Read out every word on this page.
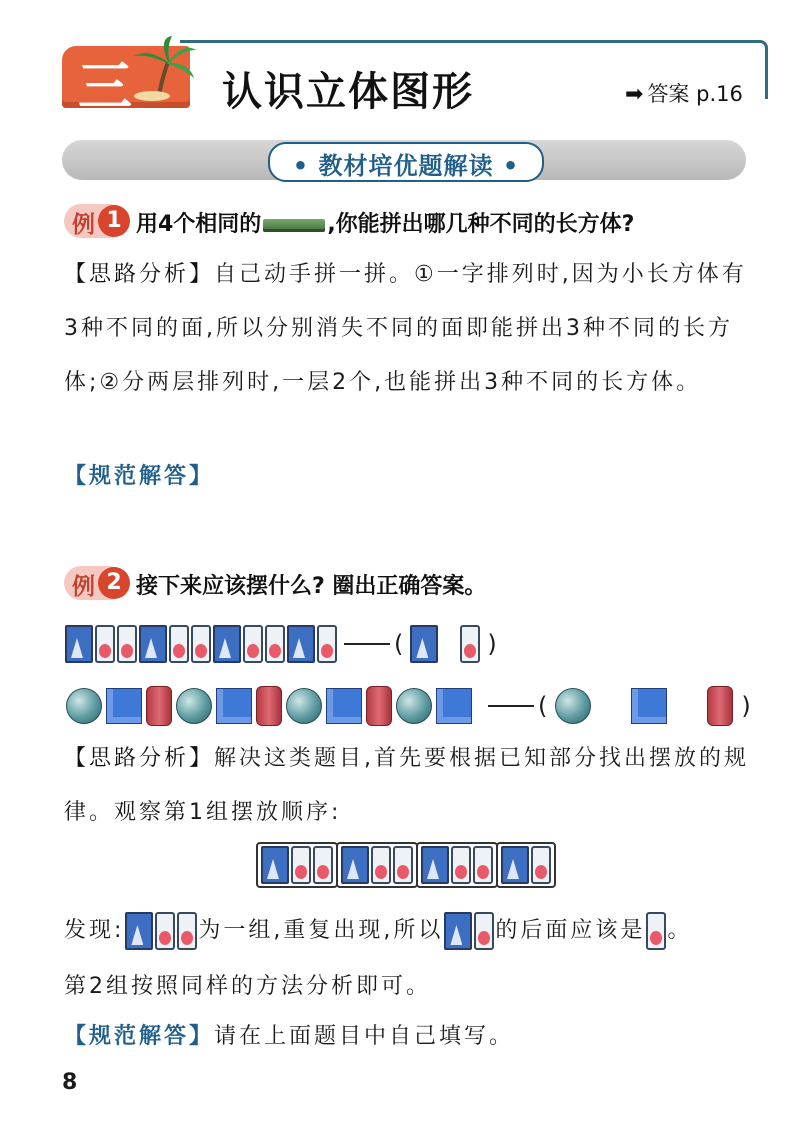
三 认识立体图形	➡ 答案 p.16
• 教材培优题解读 •
例 1 用4个相同的	,你能拼出哪几种不同的长方体?
【思路分析】自己动手拼一拼。①一字排列时,因为小长方体有3种不同的面,所以分别消失不同的面即能拼出3种不同的长方体;②分两层排列时,一层2个,也能拼出3种不同的长方体。
【规范解答】
例 2 接下来应该摆什么? 圈出正确答案。
(	)
(	)
【思路分析】解决这类题目,首先要根据已知部分找出摆放的规律。观察第1组摆放顺序:
发现:	为一组,重复出现,所以 的后面应该是 。
第2组按照同样的方法分析即可。
【规范解答】请在上面题目中自己填写。
8
